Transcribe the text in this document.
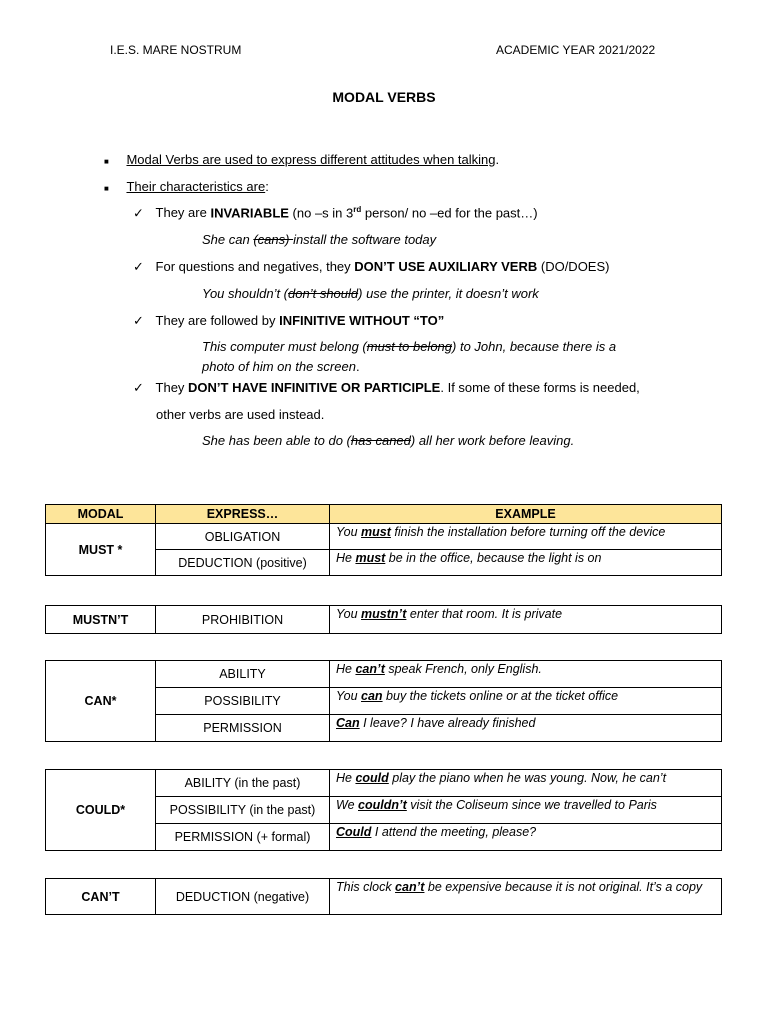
I.E.S. MARE NOSTRUM	ACADEMIC YEAR 2021/2022
MODAL VERBS
■ Modal Verbs are used to express different attitudes when talking.
■ Their characteristics are:
✓ They are INVARIABLE (no –s in 3rd person/ no –ed for the past…)
She can (cans) install the software today
✓ For questions and negatives, they DON’T USE AUXILIARY VERB (DO/DOES)
You shouldn’t (don’t should) use the printer, it doesn’t work
✓ They are followed by INFINITIVE WITHOUT “TO”
This computer must belong (must to belong) to John, because there is a
photo of him on the screen.
✓ They DON’T HAVE INFINITIVE OR PARTICIPLE. If some of these forms is needed,
other verbs are used instead.
She has been able to do (has caned) all her work before leaving.
MODAL	EXPRESS…	EXAMPLE
MUST *	OBLIGATION	You must finish the installation before turning off the device
	DEDUCTION (positive)	He must be in the office, because the light is on
MUSTN’T	PROHIBITION	You mustn’t enter that room. It is private
CAN*	ABILITY	He can’t speak French, only English.
	POSSIBILITY	You can buy the tickets online or at the ticket office
	PERMISSION	Can I leave? I have already finished
COULD*	ABILITY (in the past)	He could play the piano when he was young. Now, he can’t
	POSSIBILITY (in the past)	We couldn’t visit the Coliseum since we travelled to Paris
	PERMISSION (+ formal)	Could I attend the meeting, please?
CAN’T	DEDUCTION (negative)	This clock can’t be expensive because it is not original. It’s a copy
